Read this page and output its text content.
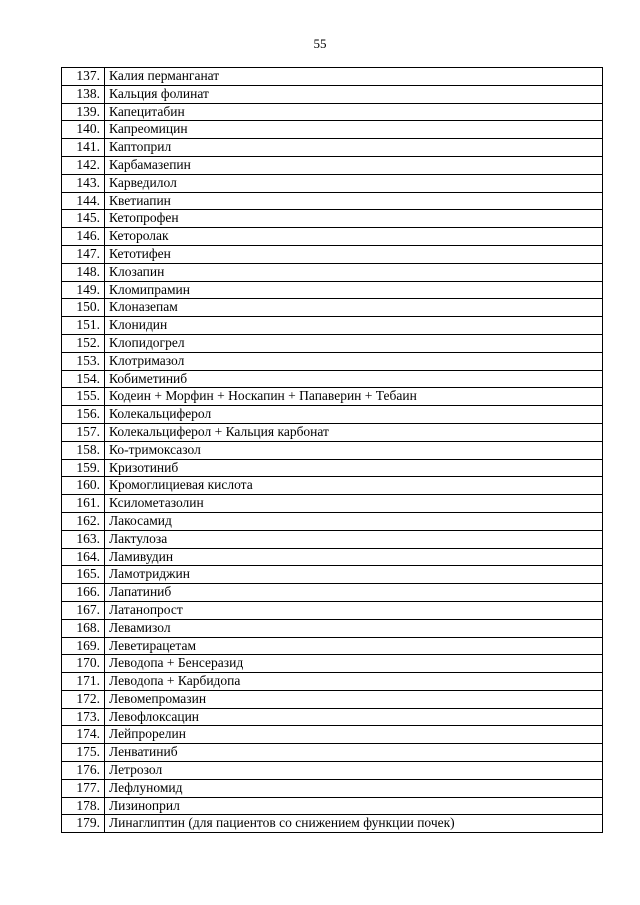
55
137.	Калия перманганат
138.	Кальция фолинат
139.	Капецитабин
140.	Капреомицин
141.	Каптоприл
142.	Карбамазепин
143.	Карведилол
144.	Кветиапин
145.	Кетопрофен
146.	Кеторолак
147.	Кетотифен
148.	Клозапин
149.	Кломипрамин
150.	Клоназепам
151.	Клонидин
152.	Клопидогрел
153.	Клотримазол
154.	Кобиметиниб
155.	Кодеин + Морфин + Носкапин + Папаверин + Тебаин
156.	Колекальциферол
157.	Колекальциферол + Кальция карбонат
158.	Ко-тримоксазол
159.	Кризотиниб
160.	Кромоглициевая кислота
161.	Ксилометазолин
162.	Лакосамид
163.	Лактулоза
164.	Ламивудин
165.	Ламотриджин
166.	Лапатиниб
167.	Латанопрост
168.	Левамизол
169.	Леветирацетам
170.	Леводопа + Бенсеразид
171.	Леводопа + Карбидопа
172.	Левомепромазин
173.	Левофлоксацин
174.	Лейпрорелин
175.	Ленватиниб
176.	Летрозол
177.	Лефлуномид
178.	Лизиноприл
179.	Линаглиптин (для пациентов со снижением функции почек)
